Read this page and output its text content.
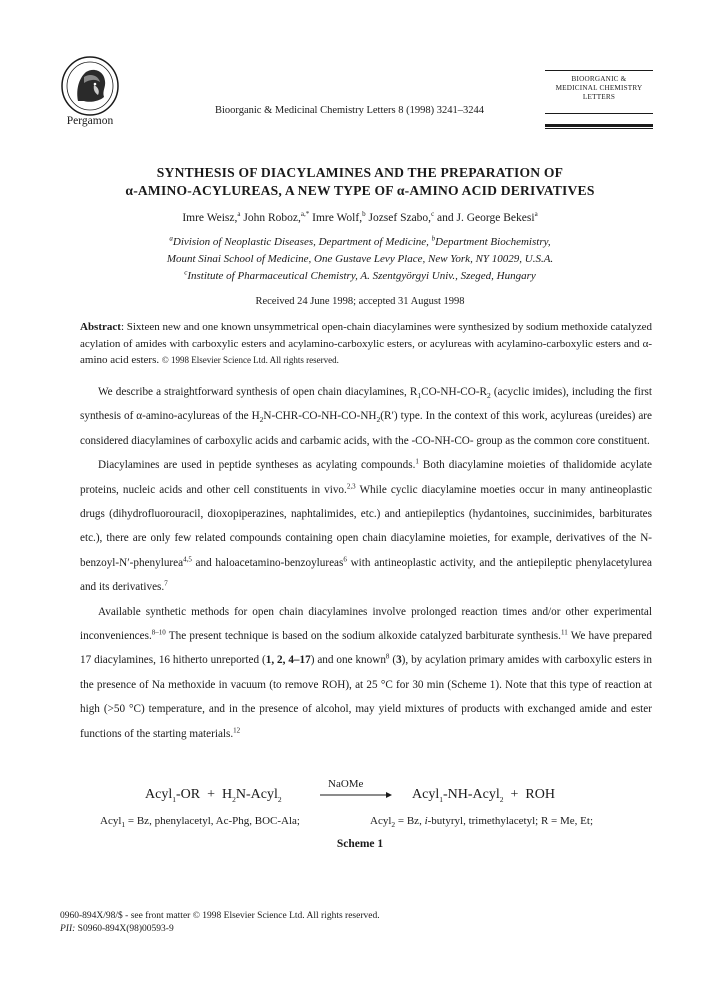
Pergamon
Bioorganic & Medicinal Chemistry Letters 8 (1998) 3241–3244
BIOORGANIC &
MEDICINAL CHEMISTRY
LETTERS
SYNTHESIS OF DIACYLAMINES AND THE PREPARATION OF
α-AMINO-ACYLUREAS, A NEW TYPE OF α-AMINO ACID DERIVATIVES
Imre Weisz,$^a$ John Roboz,$^{a,*}$ Imre Wolf,$^b$ Jozsef Szabo,$^c$ and J. George Bekesi$^a$
$^a$Division of Neoplastic Diseases, Department of Medicine, $^b$Department Biochemistry,
Mount Sinai School of Medicine, One Gustave Levy Place, New York, NY 10029, U.S.A.
$^c$Institute of Pharmaceutical Chemistry, A. Szentgyörgyi Univ., Szeged, Hungary
Received 24 June 1998; accepted 31 August 1998
Abstract: Sixteen new and one known unsymmetrical open-chain diacylamines were synthesized by sodium methoxide catalyzed acylation of amides with carboxylic esters and acylamino-carboxylic esters, or acylureas with acylamino-carboxylic esters and α-amino acid esters. © 1998 Elsevier Science Ltd. All rights reserved.

We describe a straightforward synthesis of open chain diacylamines, $R_1CO-NH-CO-R_2$ (acyclic imides), including the first synthesis of α-amino-acylureas of the $H_2N-CHR-CO-NH-CO-NH_2(R')$ type. In the context of this work, acylureas (ureides) are considered diacylamines of carboxylic acids and carbamic acids, with the -CO-NH-CO- group as the common core constituent.

Diacylamines are used in peptide syntheses as acylating compounds.$^1$ Both diacylamine moieties of thalidomide acylate proteins, nucleic acids and other cell constituents in vivo.$^{2,3}$ While cyclic diacylamine moeties occur in many antineoplastic drugs (dihydrofluorouracil, dioxopiperazines, naphtalimides, etc.) and antiepileptics (hydantoines, succinimides, barbiturates etc.), there are only few related compounds containing open chain diacylamine moieties, for example, derivatives of the N-benzoyl-N′-phenylurea$^{4,5}$ and haloacetamino-benzoylureas$^6$ with antineoplastic activity, and the antiepileptic phenylacetylurea and its derivatives.$^7$

Available synthetic methods for open chain diacylamines involve prolonged reaction times and/or other experimental inconveniences.$^{8-10}$ The present technique is based on the sodium alkoxide catalyzed barbiturate synthesis.$^{11}$ We have prepared 17 diacylamines, 16 hitherto unreported (1, 2, 4–17) and one known$^8$ (3), by acylation primary amides with carboxylic esters in the presence of Na methoxide in vacuum (to remove ROH), at 25 °C for 30 min (Scheme 1). Note that this type of reaction at high (>50 °C) temperature, and in the presence of alcohol, may yield mixtures of products with exchanged amide and ester functions of the starting materials.$^{12}$

Acyl$_1$-OR  +  $H_2N-Acyl_2$
NaOMe
Acyl$_1$-NH-Acyl$_2$  +  ROH
Acyl$_1$ = Bz, phenylacetyl, Ac-Phg, BOC-Ala;	Acyl$_2$ = Bz, i-butyryl, trimethylacetyl; R = Me, Et;
Scheme 1
0960-894X/98/$ - see front matter © 1998 Elsevier Science Ltd. All rights reserved.
PII: S0960-894X(98)00593-9
